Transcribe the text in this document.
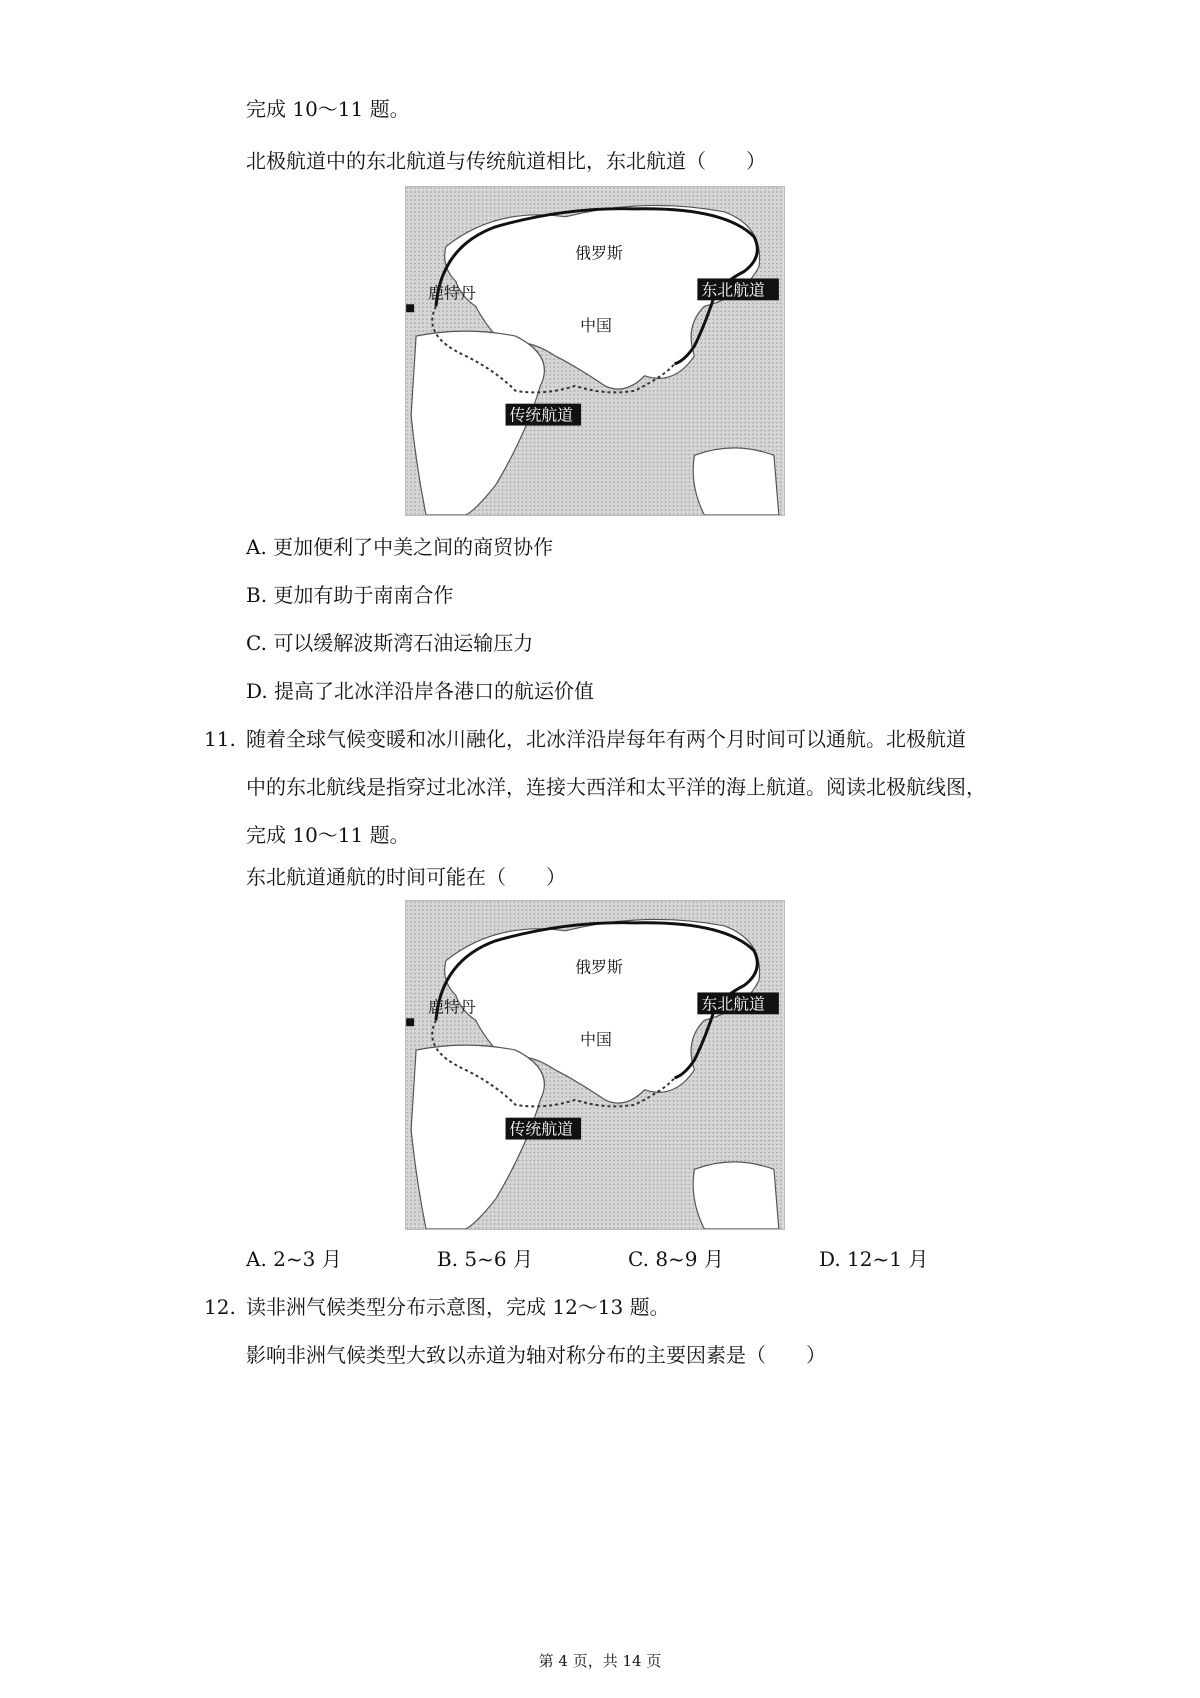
完成 10～11 题。
北极航道中的东北航道与传统航道相比，东北航道（　　）
俄罗斯
鹿特丹
中国
东北航道
传统航道
A. 更加便利了中美之间的商贸协作
B. 更加有助于南南合作
C. 可以缓解波斯湾石油运输压力
D. 提高了北冰洋沿岸各港口的航运价值
11. 随着全球气候变暖和冰川融化，北冰洋沿岸每年有两个月时间可以通航。北极航道
中的东北航线是指穿过北冰洋，连接大西洋和太平洋的海上航道。阅读北极航线图，
完成 10～11 题。
东北航道通航的时间可能在（　　）
俄罗斯
鹿特丹
中国
东北航道
传统航道
A. 2~3 月	B. 5~6 月	C. 8~9 月	D. 12~1 月
12. 读非洲气候类型分布示意图，完成 12～13 题。
影响非洲气候类型大致以赤道为轴对称分布的主要因素是（　　）
第 4 页，共 14 页
